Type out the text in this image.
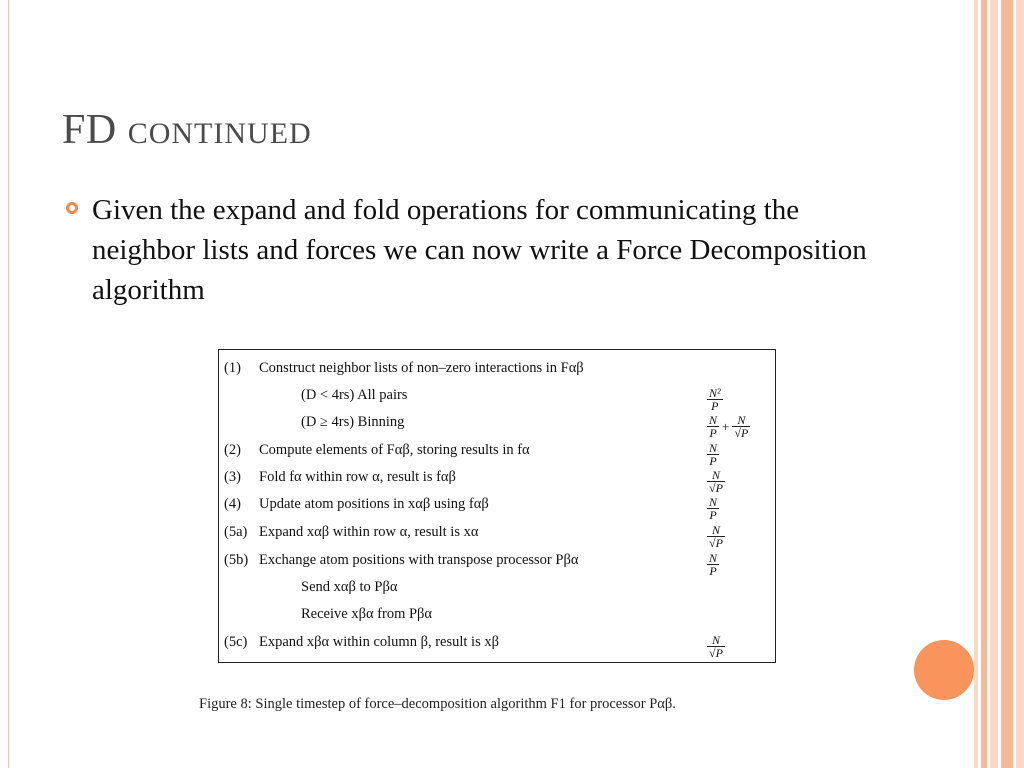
FD CONTINUED
Given the expand and fold operations for communicating the neighbor lists and forces we can now write a Force Decomposition algorithm
(1) Construct neighbor lists of non–zero interactions in Fαβ
(D < 4rs) All pairs	$\frac{\text{N²}}{P}$
(D ≥ 4rs) Binning	$\frac{N}{P} + \frac{N}{√P}$
(2) Compute elements of Fαβ, storing results in fα	$\frac{N}{P}$
(3) Fold fα within row α, result is fαβ	$\frac{N}{√P}$
(4) Update atom positions in xαβ using fαβ	$\frac{N}{P}$
(5a) Expand xαβ within row α, result is xα	$\frac{N}{√P}$
(5b) Exchange atom positions with transpose processor Pβα	$\frac{N}{P}$
Send xαβ to Pβα
Receive xβα from Pβα
(5c) Expand xβα within column β, result is xβ	$\frac{N}{√P}$
Figure 8: Single timestep of force–decomposition algorithm F1 for processor Pαβ.
